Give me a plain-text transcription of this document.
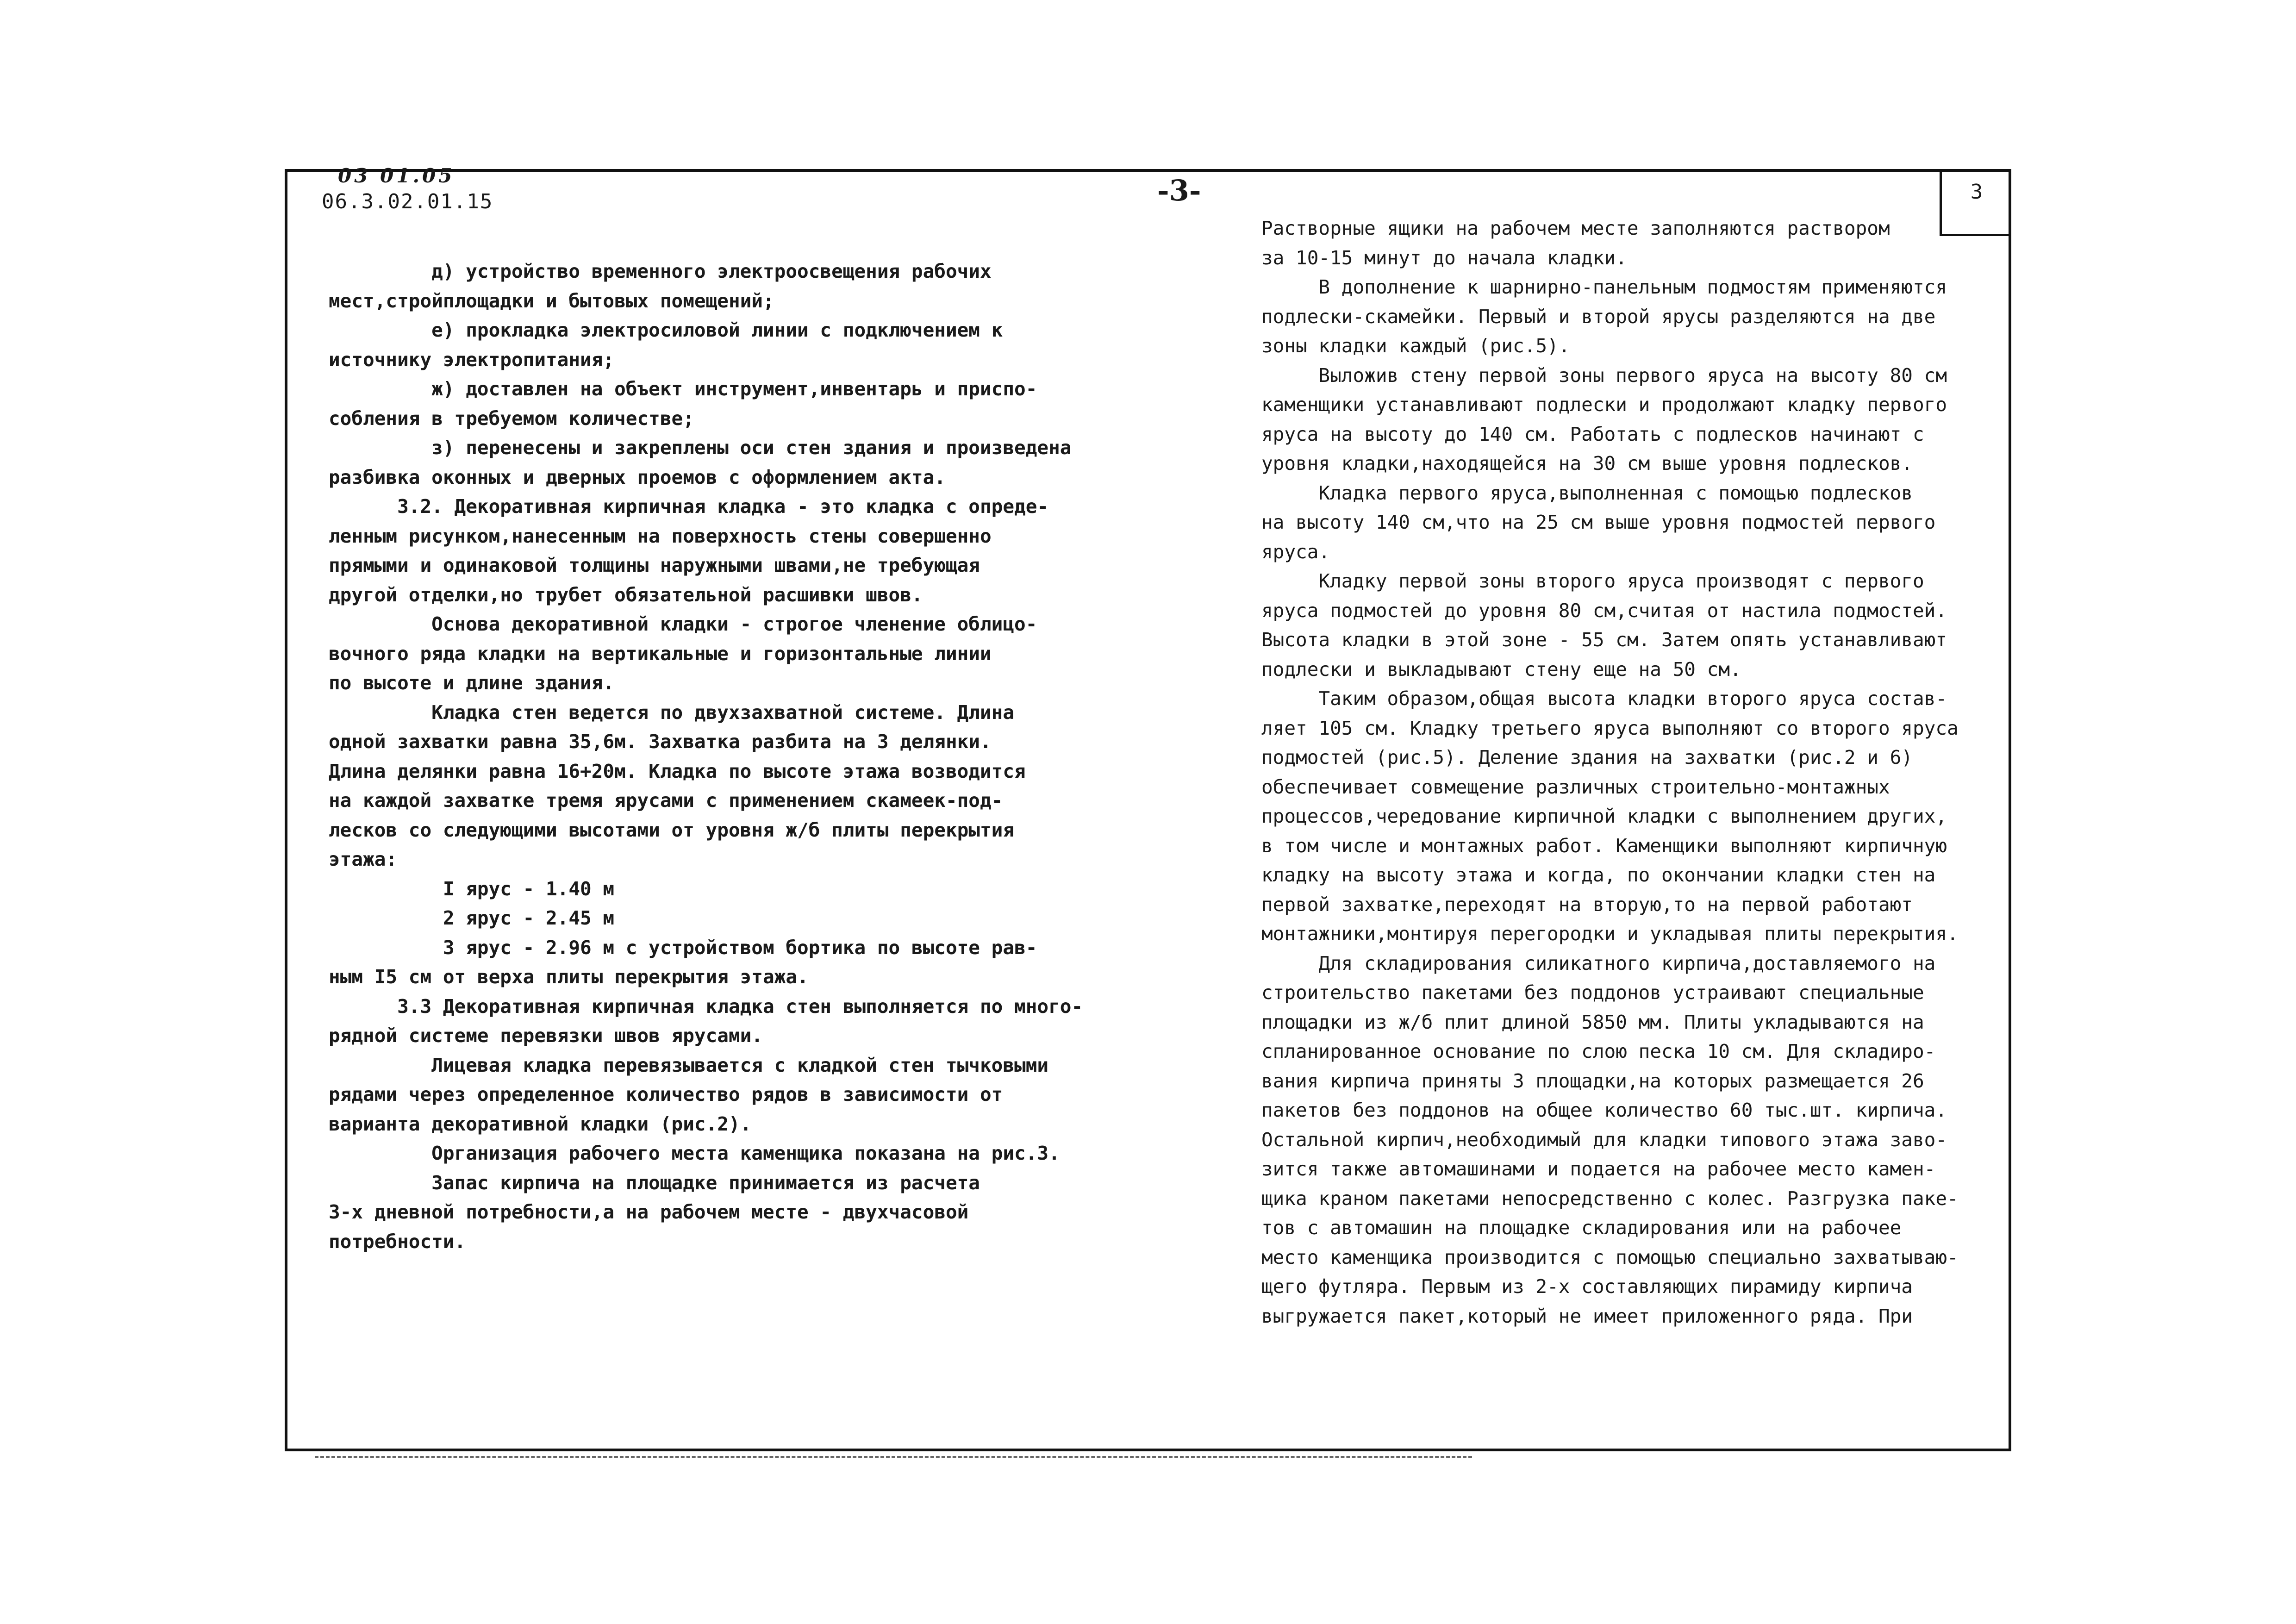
3
03 01.05
06.3.02.01.15	-3-
д) устройство временного электроосвещения рабочих
мест,стройплощадки и бытовых помещений;
е) прокладка электросиловой линии с подключением к
источнику электропитания;
ж) доставлен на объект инструмент,инвентарь и приспо-
собления в требуемом количестве;
з) перенесены и закреплены оси стен здания и произведена
разбивка оконных и дверных проемов с оформлением акта.
3.2. Декоративная кирпичная кладка - это кладка с опреде-
ленным рисунком,нанесенным на поверхность стены совершенно
прямыми и одинаковой толщины наружными швами,не требующая
другой отделки,но трубет обязательной расшивки швов.
Основа декоративной кладки - строгое членение облицо-
вочного ряда кладки на вертикальные и горизонтальные линии
по высоте и длине здания.
Кладка стен ведется по двухзахватной системе. Длина
одной захватки равна 35,6м. Захватка разбита на 3 делянки.
Длина делянки равна 16+20м. Кладка по высоте этажа возводится
на каждой захватке тремя ярусами с применением скамеек-под-
лесков со следующими высотами от уровня ж/б плиты перекрытия
этажа:
I ярус - 1.40 м
2 ярус - 2.45 м
3 ярус - 2.96 м с устройством бортика по высоте рав-
ным I5 см от верха плиты перекрытия этажа.
3.3 Декоративная кирпичная кладка стен выполняется по много-
рядной системе перевязки швов ярусами.
Лицевая кладка перевязывается с кладкой стен тычковыми
рядами через определенное количество рядов в зависимости от
варианта декоративной кладки (рис.2).
Организация рабочего места каменщика показана на рис.3.
Запас кирпича на площадке принимается из расчета
3-х дневной потребности,а на рабочем месте - двухчасовой
потребности.
Растворные ящики на рабочем месте заполняются раствором
за 10-15 минут до начала кладки.
В дополнение к шарнирно-панельным подмостям применяются
подлески-скамейки. Первый и второй ярусы разделяются на две
зоны кладки каждый (рис.5).
Выложив стену первой зоны первого яруса на высоту 80 см
каменщики устанавливают подлески и продолжают кладку первого
яруса на высоту до 140 см. Работать с подлесков начинают с
уровня кладки,находящейся на 30 см выше уровня подлесков.
Кладка первого яруса,выполненная с помощью подлесков
на высоту 140 см,что на 25 см выше уровня подмостей первого
яруса.
Кладку первой зоны второго яруса производят с первого
яруса подмостей до уровня 80 см,считая от настила подмостей.
Высота кладки в этой зоне - 55 см. Затем опять устанавливают
подлески и выкладывают стену еще на 50 см.
Таким образом,общая высота кладки второго яруса состав-
ляет 105 см. Кладку третьего яруса выполняют со второго яруса
подмостей (рис.5). Деление здания на захватки (рис.2 и 6)
обеспечивает совмещение различных строительно-монтажных
процессов,чередование кирпичной кладки с выполнением других,
в том числе и монтажных работ. Каменщики выполняют кирпичную
кладку на высоту этажа и когда, по окончании кладки стен на
первой захватке,переходят на вторую,то на первой работают
монтажники,монтируя перегородки и укладывая плиты перекрытия.
Для складирования силикатного кирпича,доставляемого на
строительство пакетами без поддонов устраивают специальные
площадки из ж/б плит длиной 5850 мм. Плиты укладываются на
спланированное основание по слою песка 10 см. Для складиро-
вания кирпича приняты 3 площадки,на которых размещается 26
пакетов без поддонов на общее количество 60 тыс.шт. кирпича.
Остальной кирпич,необходимый для кладки типового этажа заво-
зится также автомашинами и подается на рабочее место камен-
щика краном пакетами непосредственно с колес. Разгрузка паке-
тов с автомашин на площадке складирования или на рабочее
место каменщика производится с помощью специально захватываю-
щего футляра. Первым из 2-х составляющих пирамиду кирпича
выгружается пакет,который не имеет приложенного ряда. При
